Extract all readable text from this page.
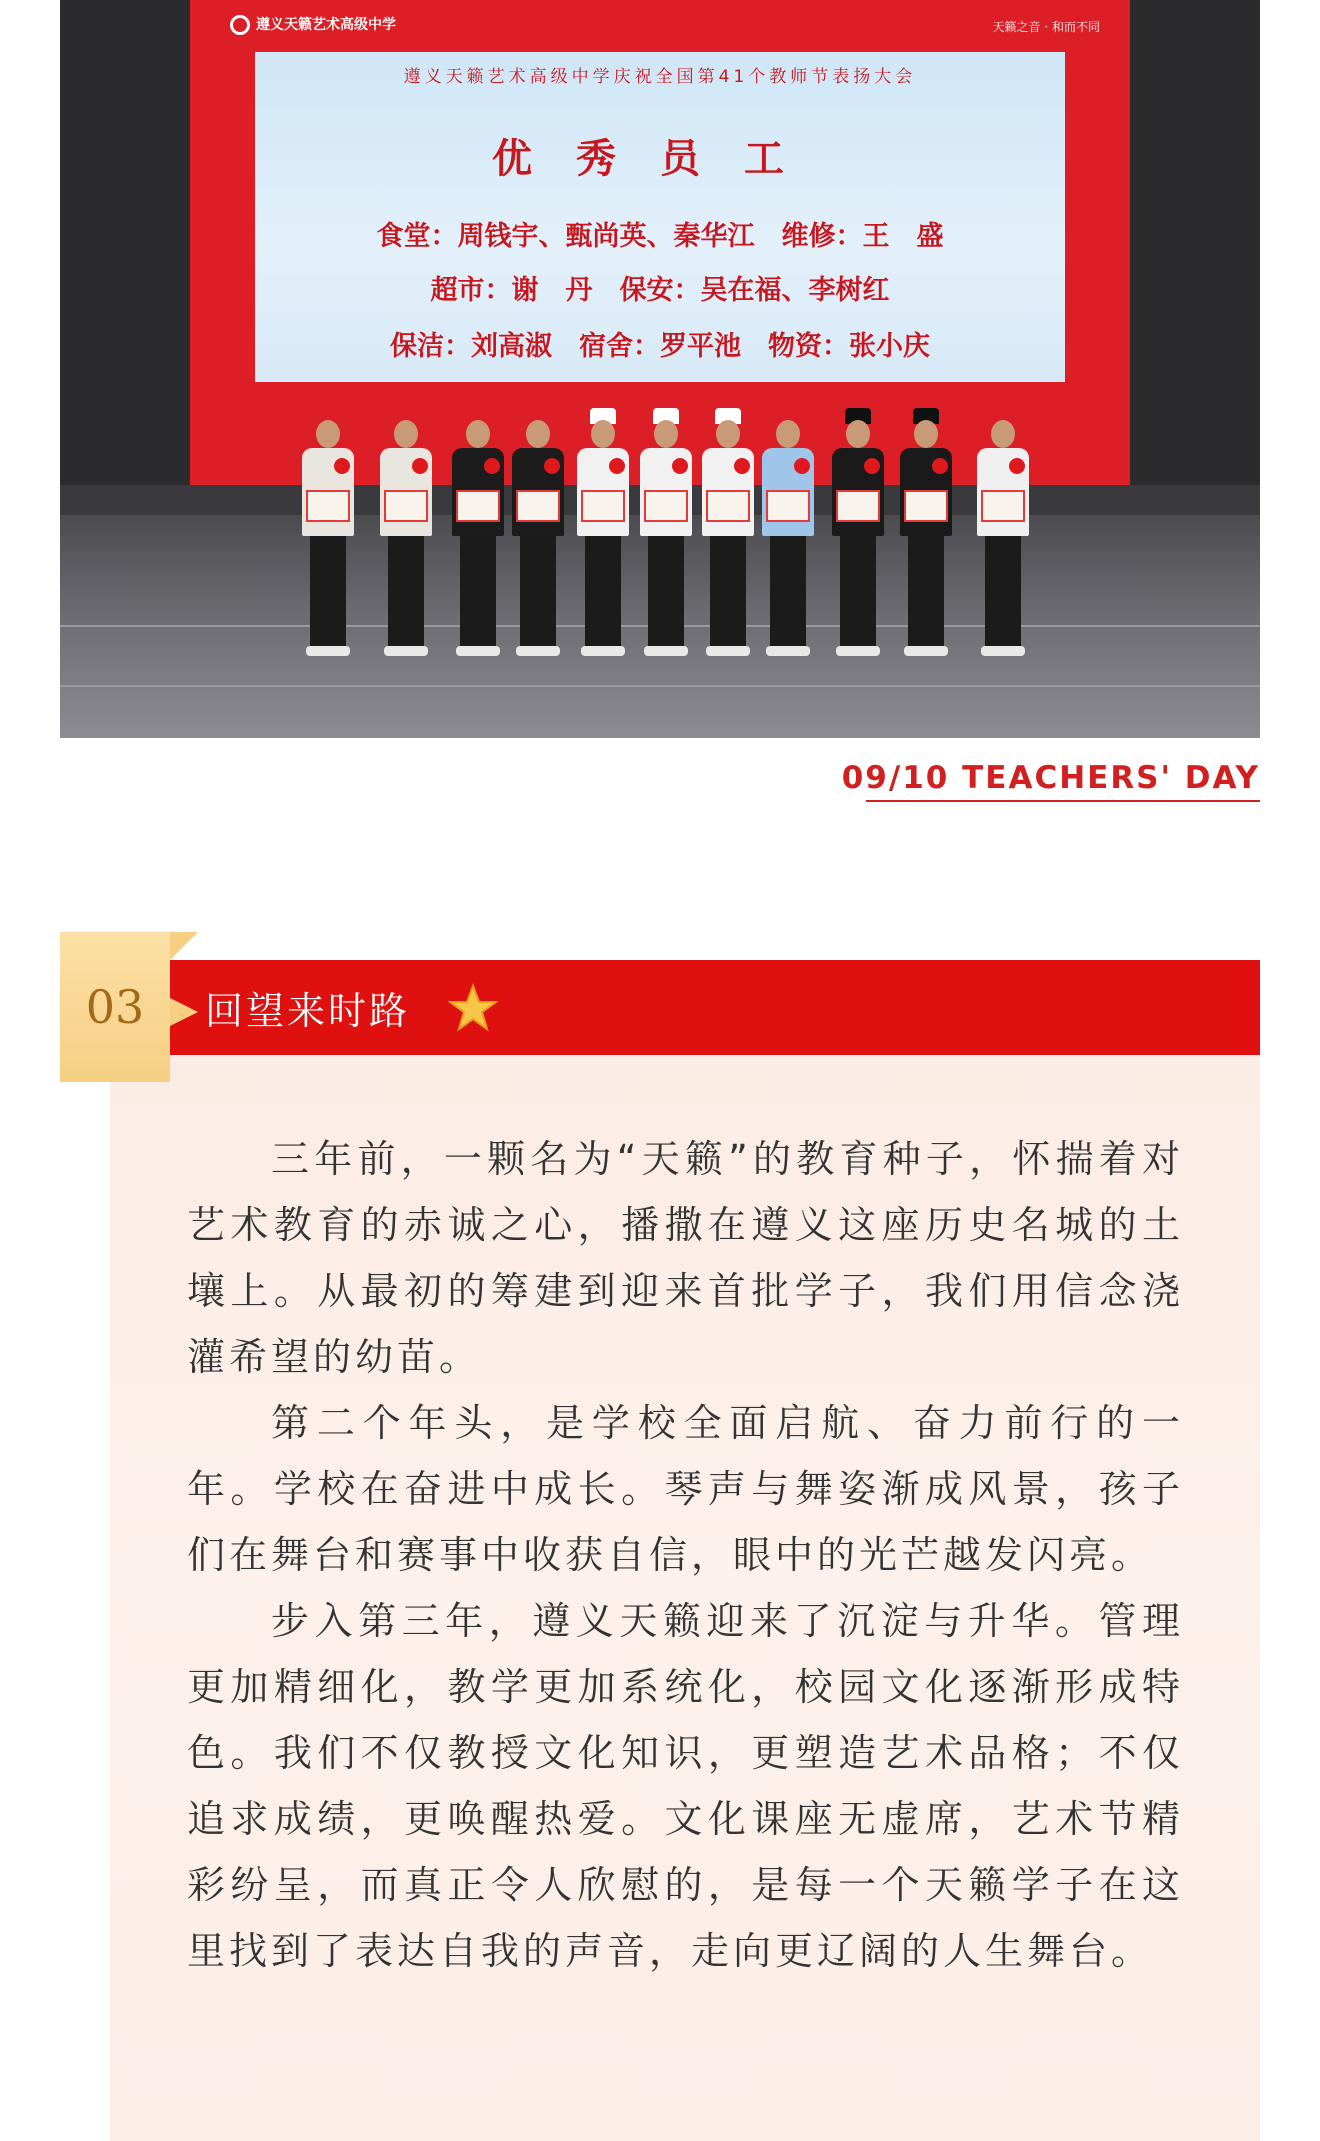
遵义天籁艺术高级中学	天籁之音 · 和而不同
遵义天籁艺术高级中学庆祝全国第41个教师节表扬大会
优秀员工
食堂：周钱宇、甄尚英、秦华江　维修：王　盛
超市：谢　丹　保安：吴在福、李树红
保洁：刘高淑　宿舍：罗平池　物资：张小庆
09/10 TEACHERS' DAY
03	回望来时路

三年前，一颗名为“天籁”的教育种子，怀揣着对艺术教育的赤诚之心，播撒在遵义这座历史名城的土壤上。从最初的筹建到迎来首批学子，我们用信念浇灌希望的幼苗。

第二个年头，是学校全面启航、奋力前行的一年。学校在奋进中成长。琴声与舞姿渐成风景，孩子们在舞台和赛事中收获自信，眼中的光芒越发闪亮。

步入第三年，遵义天籁迎来了沉淀与升华。管理更加精细化，教学更加系统化，校园文化逐渐形成特色。我们不仅教授文化知识，更塑造艺术品格；不仅追求成绩，更唤醒热爱。文化课座无虚席，艺术节精彩纷呈，而真正令人欣慰的，是每一个天籁学子在这里找到了表达自我的声音，走向更辽阔的人生舞台。
